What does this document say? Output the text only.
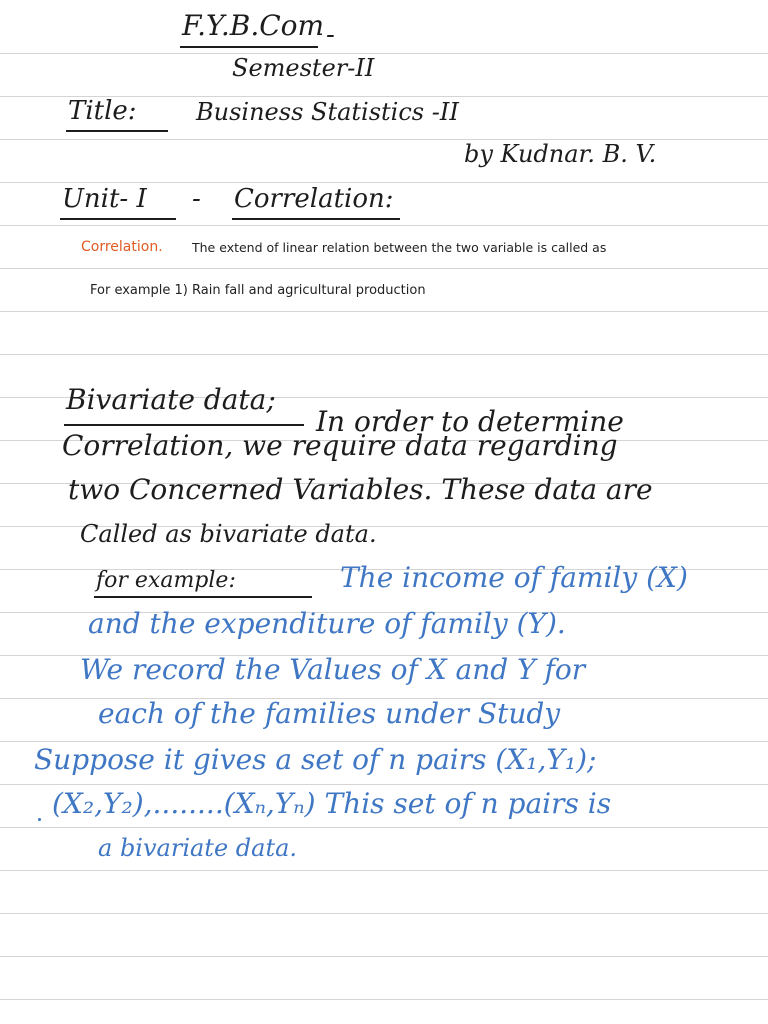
F.Y.B.Com -
Semester-II
Title: Business Statistics -II
by Kudnar. B. V.
Unit- I - Correlation:
Correlation. The extend of linear relation between the two variable is called as
For example 1) Rain fall and agricultural production
Bivariate data;
In order to determine
Correlation, we require data regarding
two Concerned Variables. These data are
Called as bivariate data.
for example:	The income of family (X)
and the expenditure of family (Y).
We record the Values of X and Y for
each of the families under Study
Suppose it gives a set of n pairs (X₁,Y₁);
(X₂,Y₂),........(Xₙ,Yₙ) This set of n pairs is
a bivariate data.
